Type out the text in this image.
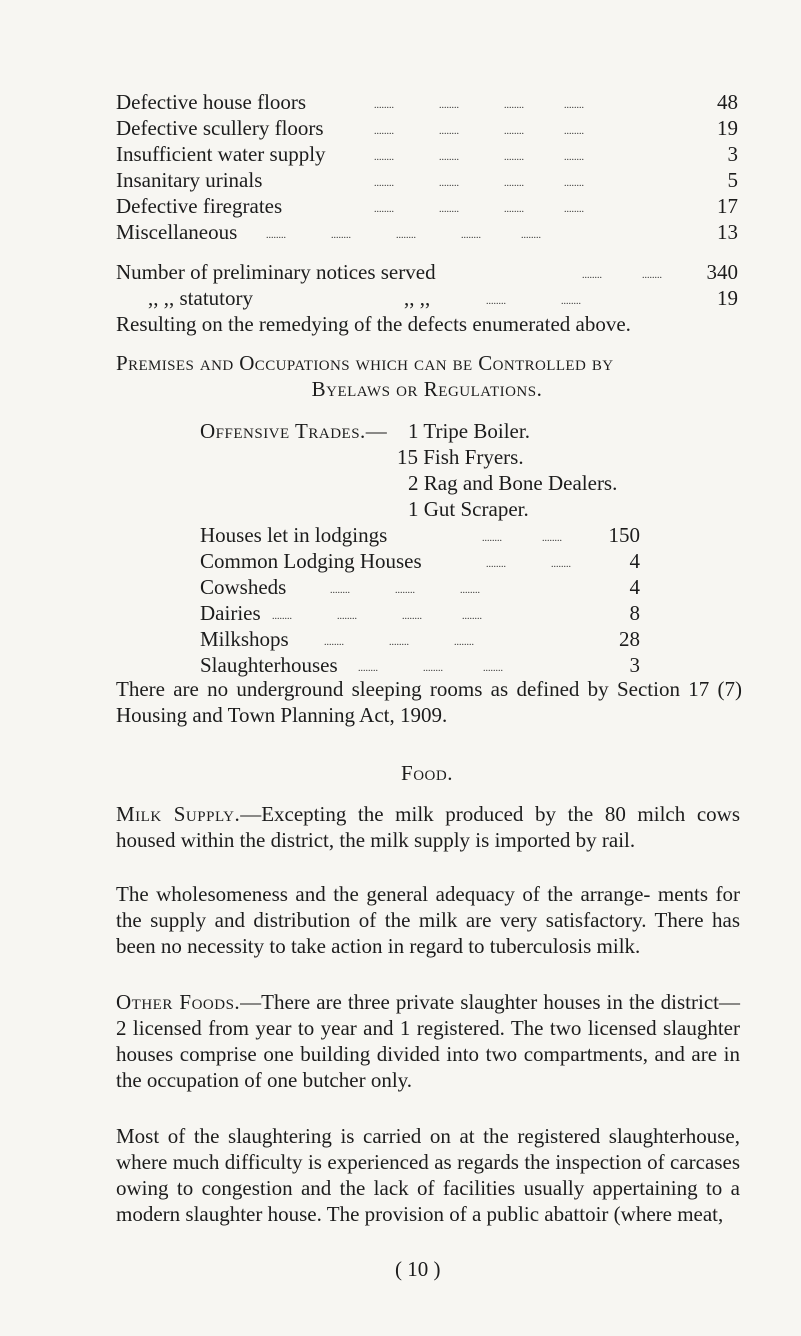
Defective house floors	........                  ........                  ........                ........	48
Defective scullery floors	........                  ........                  ........                ........	19
Insufficient water supply	........                  ........                  ........                ........	3
Insanitary urinals	........                  ........                  ........                ........	5
Defective firegrates	........                  ........                  ........                ........	17
Miscellaneous	........                  ........                  ........                  ........                ........	13
Number of preliminary notices served	........                ........ 340
,, ,, statutory	,, ,,	........                      ........	19
Resulting on the remedying of the defects enumerated above.
Premises and Occupations which can be Controlled by
Byelaws or Regulations.
Offensive Trades.— 1 Tripe Boiler.
15 Fish Fryers.
2 Rag and Bone Dealers.
1 Gut Scraper.
Houses let in lodgings	........                ........ 150
Common Lodging Houses	........                  ........	4
Cowsheds	........                  ........                  ........	4
Dairies ........                  ........                  ........                ........	8
Milkshops	........                  ........                  ........	28
Slaughterhouses ........                  ........                ........	3
There are no underground sleeping rooms as defined by Section 17 (7) Housing and Town Planning Act, 1909.
Food.
Milk Supply.—Excepting the milk produced by the 80 milch cows housed within the district, the milk supply is imported by rail.
The wholesomeness and the general adequacy of the arrange- ments for the supply and distribution of the milk are very satisfactory. There has been no necessity to take action in regard to tuberculosis milk.
Other Foods.—There are three private slaughter houses in the district—2 licensed from year to year and 1 registered. The two licensed slaughter houses comprise one building divided into two compartments, and are in the occupation of one butcher only.
Most of the slaughtering is carried on at the registered slaughterhouse, where much difficulty is experienced as regards the inspection of carcases owing to congestion and the lack of facilities usually appertaining to a modern slaughter house. The provision of a public abattoir (where meat,
( 10 )
